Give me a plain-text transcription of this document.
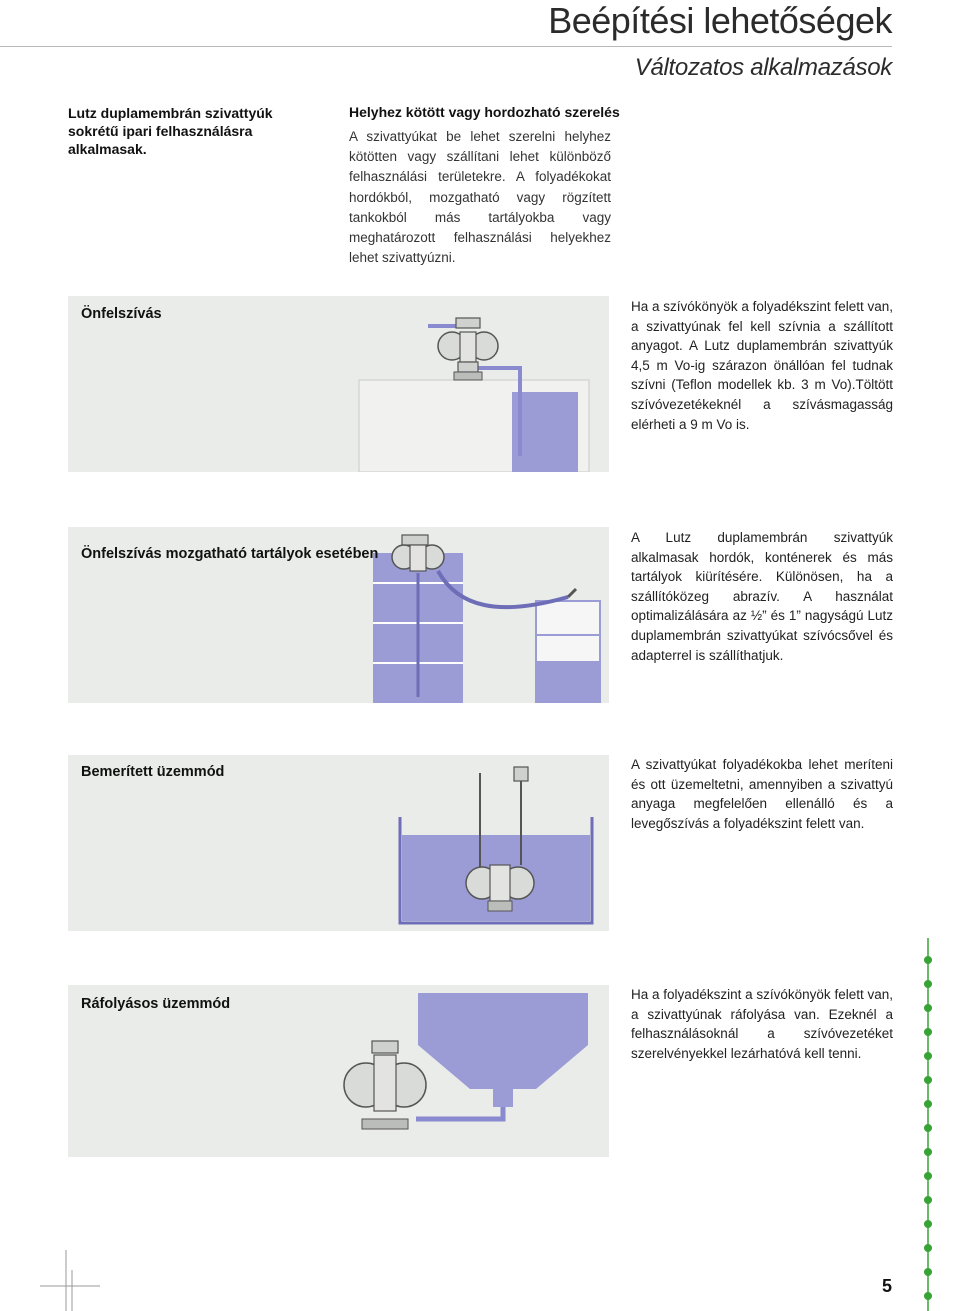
Beépítési lehetőségek
Változatos alkalmazások
Lutz duplamembrán szivattyúk sokrétű ipari felhasználásra alkalmasak.
Helyhez kötött vagy hordozható szerelés
A szivattyúkat be lehet szerelni helyhez kötötten vagy szállítani lehet különböző felhasználási területekre. A folyadékokat hordókból, mozgatható vagy rögzített tankokból más tartályokba vagy meghatározott felhasználási helyekhez lehet szivattyúzni.
Önfelszívás	Ha a szívókönyök a folyadékszint felett van, a szivattyúnak fel kell szívnia a szállított anyagot. A Lutz duplamembrán szivattyúk 4,5 m Vo-ig szárazon önállóan fel tudnak szívni (Teflon modellek kb. 3 m Vo).Töltött szívóvezetékeknél a szívásmagasság elérheti a 9 m Vo is.
Önfelszívás mozgatható tartályok esetében
A Lutz duplamembrán szivattyúk alkalmasak hordók, konténerek és más tartályok kiürítésére. Különösen, ha a szállítóközeg abrazív. A használat optimalizálására az ½” és 1” nagyságú Lutz duplamembrán szivattyúkat szívócsővel és adapterrel is szállíthatjuk.
Bemerített üzemmód	A szivattyúkat folyadékokba lehet meríteni és ott üzemeltetni, amennyiben a szivattyú anyaga megfelelően ellenálló és a levegőszívás a folyadékszint felett van.
Ráfolyásos üzemmód
Ha a folyadékszint a szívókönyök felett van, a szivattyúnak ráfolyása van. Ezeknél a felhasználásoknál a szívóvezetéket szerelvényekkel lezárhatóvá kell tenni.
5
